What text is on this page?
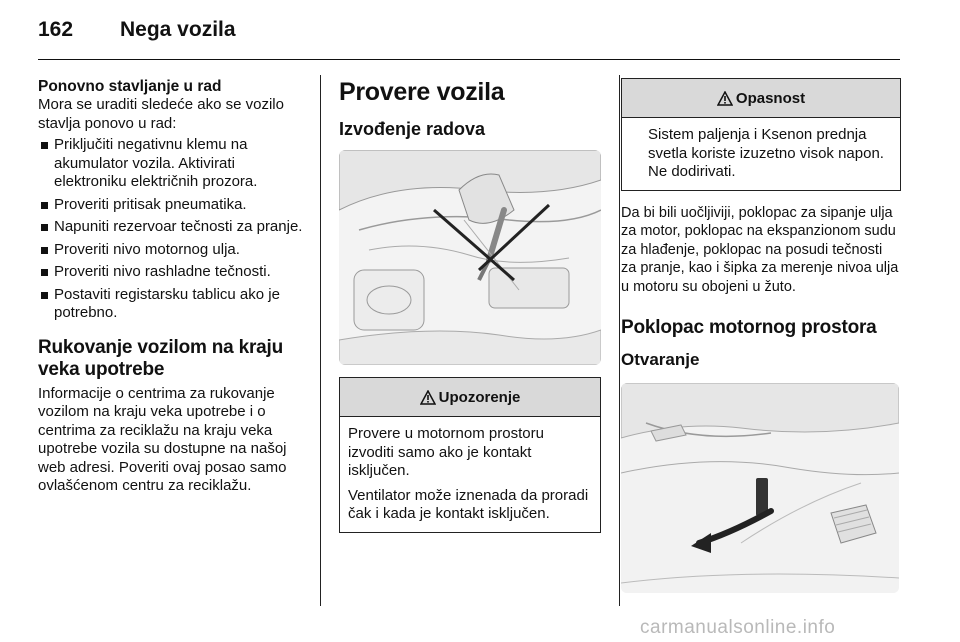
162	Nega vozila

Ponovno stavljanje u rad

Mora se uraditi sledeće ako se vozilo stavlja ponovo u rad:

Priključiti negativnu klemu na akumulator vozila. Aktivirati elektroniku električnih prozora.
Proveriti pritisak pneumatika.
Napuniti rezervoar tečnosti za pranje.
Proveriti nivo motornog ulja.
Proveriti nivo rashladne tečnosti.
Postaviti registarsku tablicu ako je potrebno.

Rukovanje vozilom na kraju veka upotrebe

Informacije o centrima za rukovanje vozilom na kraju veka upotrebe i o centrima za reciklažu na kraju veka upotrebe vozila su dostupne na našoj web adresi. Poveriti ovaj posao samo ovlašćenom centru za reciklažu.

Provere vozila

Izvođenje radova

Upozorenje

Provere u motornom prostoru izvoditi samo ako je kontakt isključen.

Ventilator može iznenada da proradi čak i kada je kontakt isključen.

Opasnost

Sistem paljenja i Ksenon prednja svetla koriste izuzetno visok napon. Ne dodirivati.

Da bi bili uočljiviji, poklopac za sipanje ulja za motor, poklopac na ekspanzionom sudu za hlađenje, poklopac na posudi tečnosti za pranje, kao i šipka za merenje nivoa ulja u motoru su obojeni u žuto.

Poklopac motornog prostora

Otvaranje

carmanualsonline.info
